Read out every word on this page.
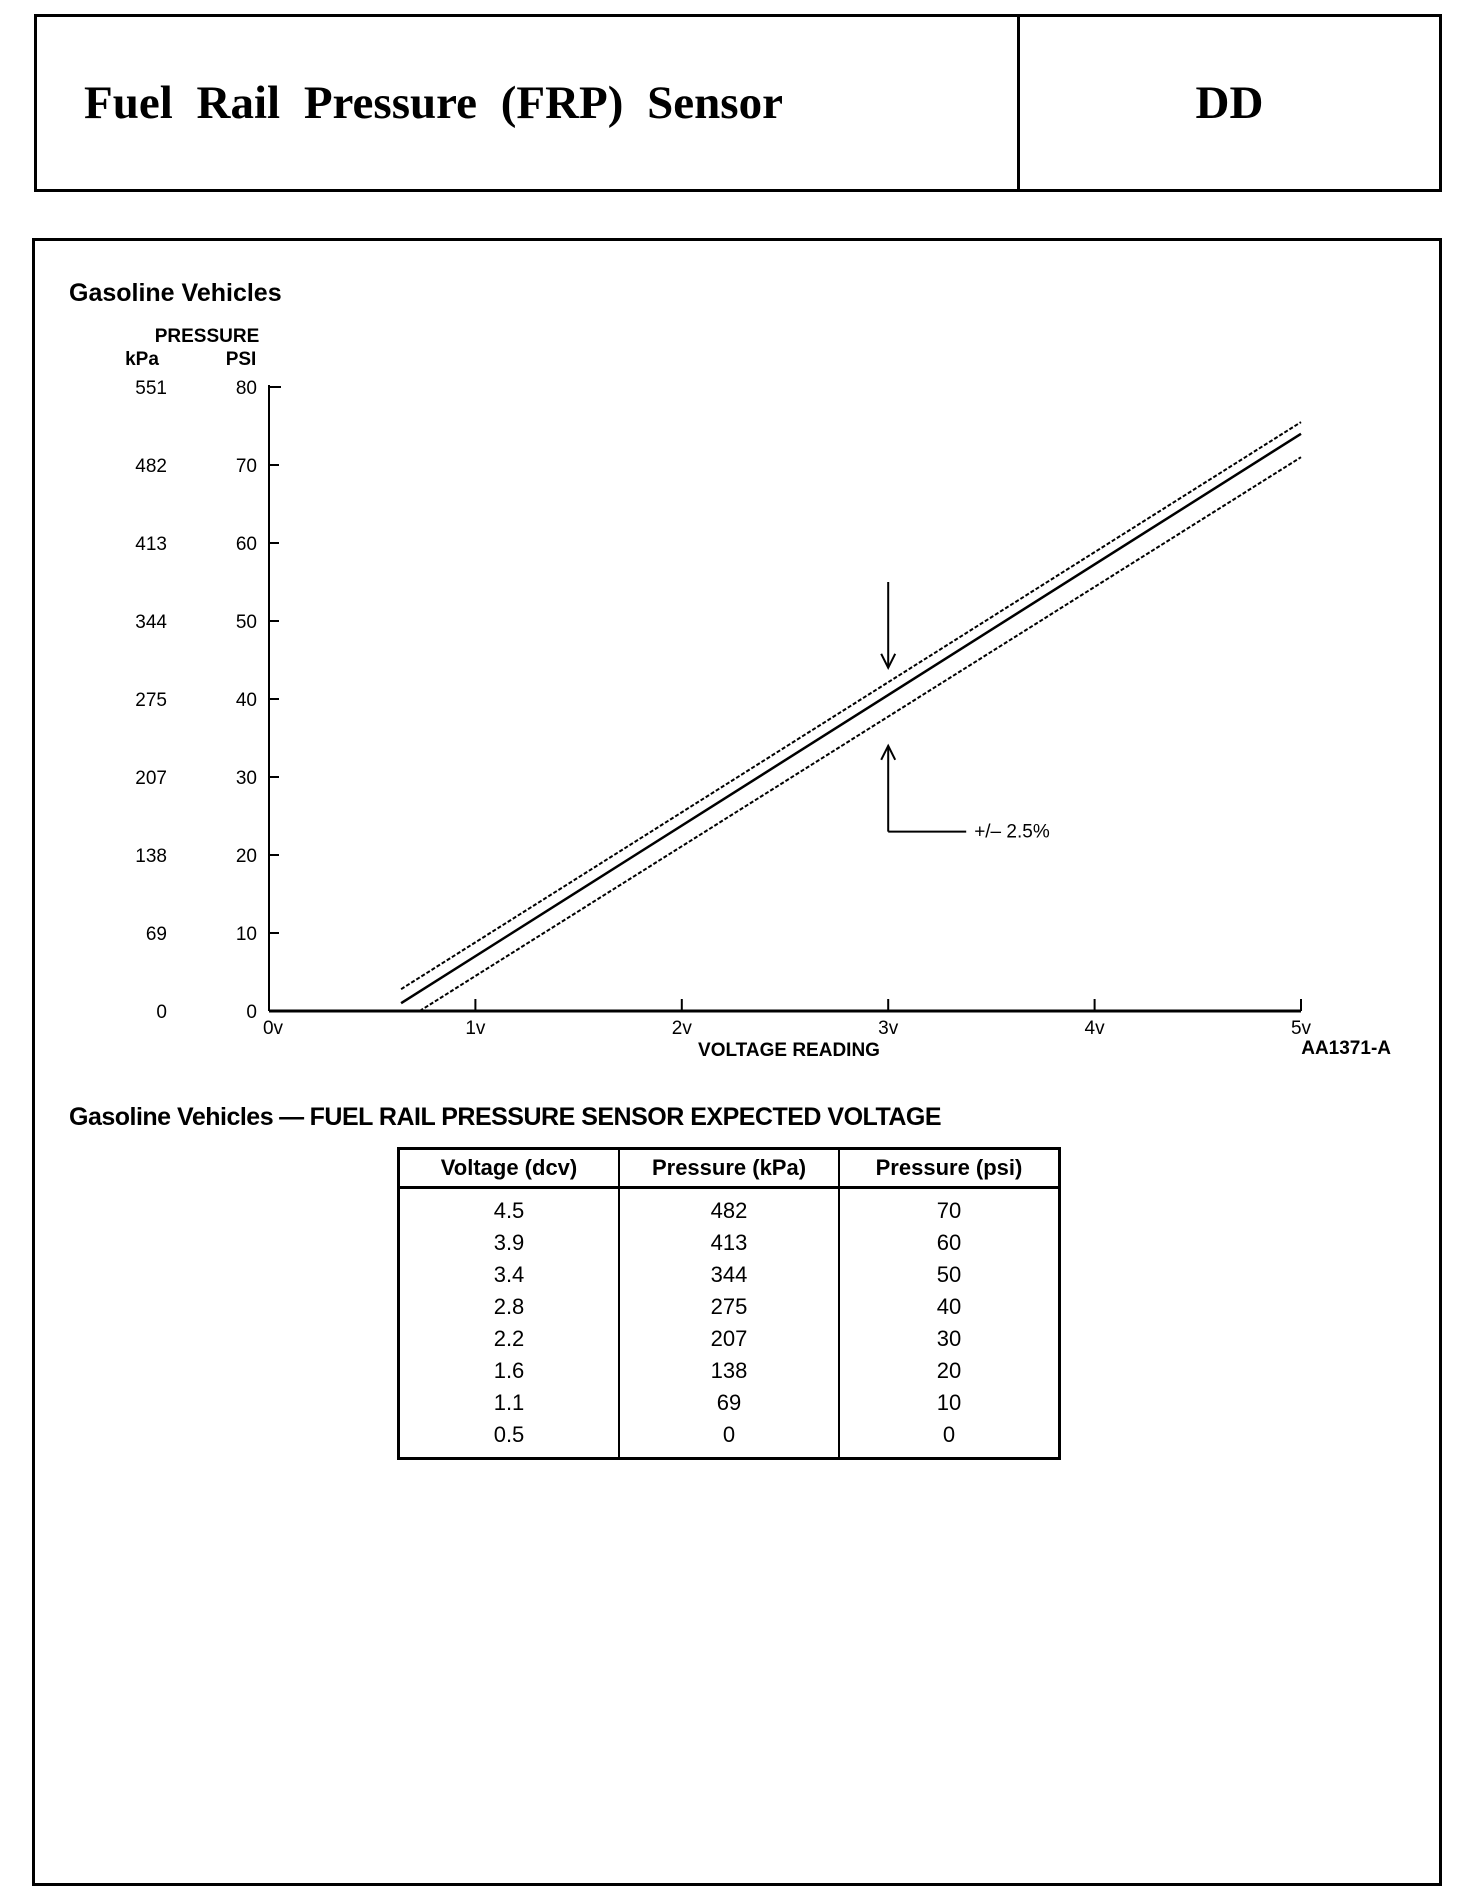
Fuel Rail Pressure (FRP) Sensor	DD
Gasoline Vehicles
PRESSURE
kPa	PSI
0
0
10
69
20
138
30
207
40
275
50
344
60
413
70
482
80
551
0v	1v	2v	3v	4v	5v
+/– 2.5%
VOLTAGE READING	AA1371-A
Gasoline Vehicles — FUEL RAIL PRESSURE SENSOR EXPECTED VOLTAGE
Voltage (dcv)	Pressure (kPa)	Pressure (psi)
4.5	482	70
3.9	413	60
3.4	344	50
2.8	275	40
2.2	207	30
1.6	138	20
1.1	69	10
0.5	0	0
